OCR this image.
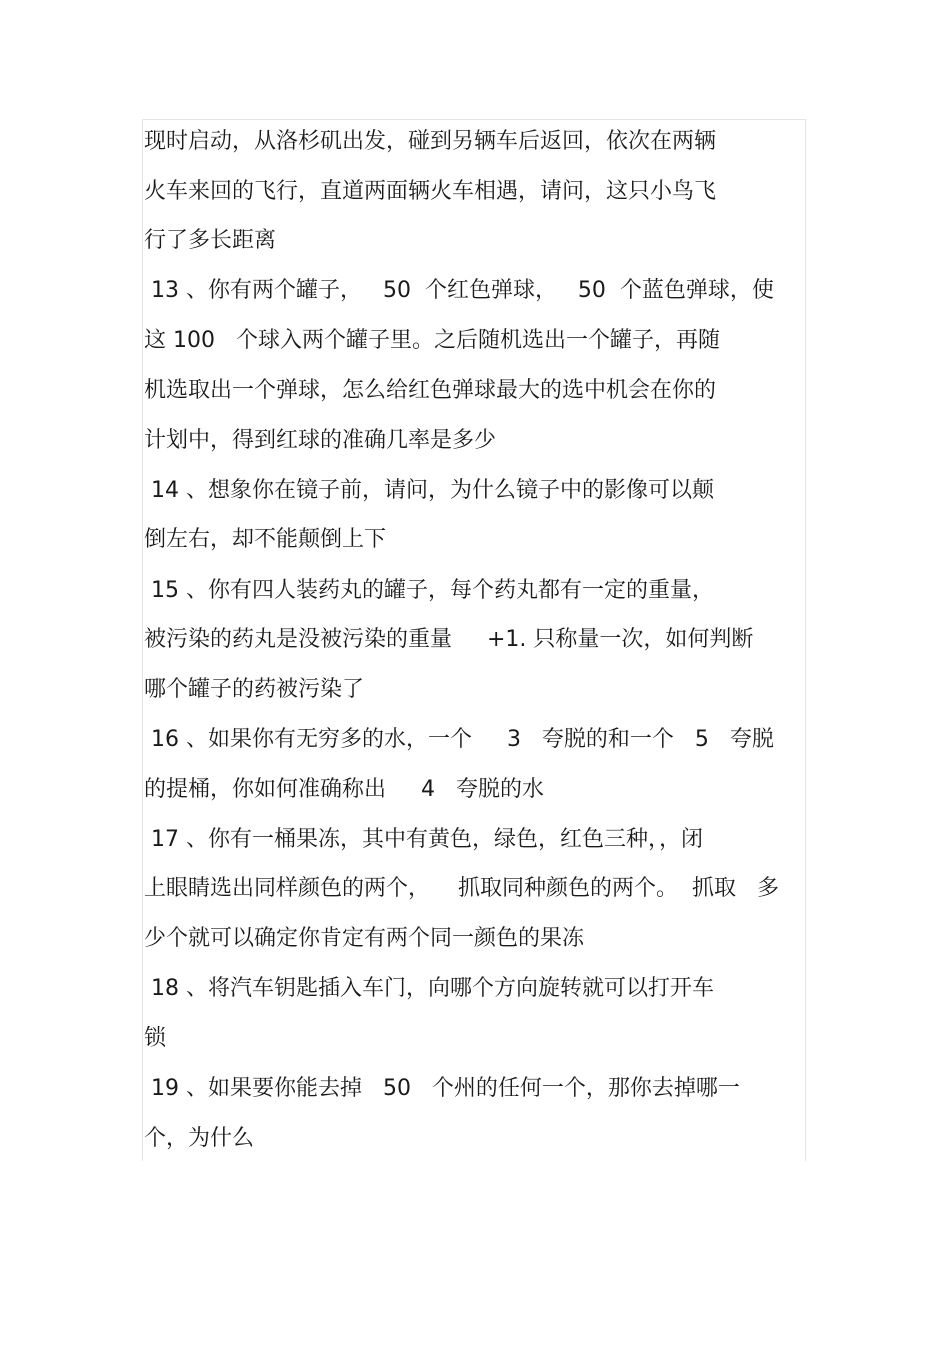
现时启动，从洛杉矶出发，碰到另辆车后返回，依次在两辆
火车来回的飞行，直道两面辆火车相遇，请问，这只小鸟飞
行了多长距离
13 、你有两个罐子，   50  个红色弹球，   50  个蓝色弹球，使
这 100   个球入两个罐子里。之后随机选出一个罐子，再随
机选取出一个弹球，怎么给红色弹球最大的选中机会在你的
计划中，得到红球的准确几率是多少
14 、想象你在镜子前，请问，为什么镜子中的影像可以颠
倒左右，却不能颠倒上下
15 、你有四人装药丸的罐子，每个药丸都有一定的重量，
被污染的药丸是没被污染的重量     +1. 只称量一次，如何判断
哪个罐子的药被污染了
16 、如果你有无穷多的水，一个     3   夸脱的和一个   5   夸脱
的提桶，你如何准确称出     4   夸脱的水
17 、你有一桶果冻，其中有黄色，绿色，红色三种，，闭
上眼睛选出同样颜色的两个，    抓取同种颜色的两个。  抓取   多
少个就可以确定你肯定有两个同一颜色的果冻
18 、将汽车钥匙插入车门，向哪个方向旋转就可以打开车
锁
19 、如果要你能去掉   50   个州的任何一个，那你去掉哪一
个，为什么
